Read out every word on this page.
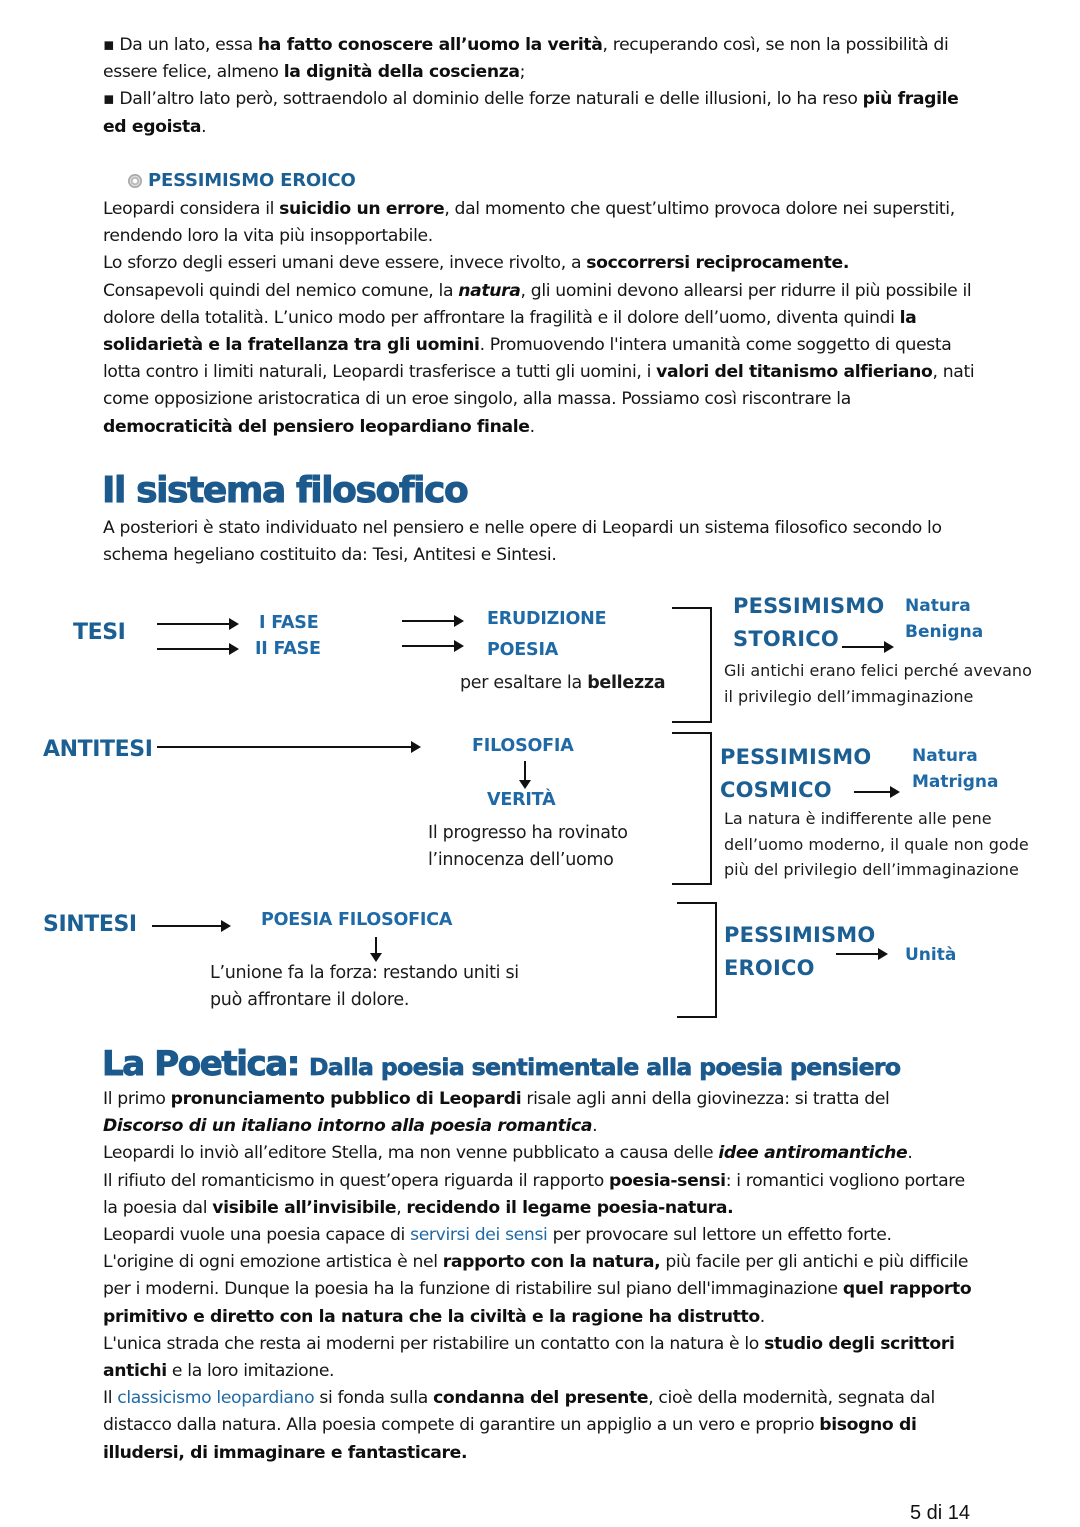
▪ Da un lato, essa ha fatto conoscere all’uomo la verità, recuperando così, se non la possibilità di essere felice, almeno la dignità della coscienza;
▪ Dall’altro lato però, sottraendolo al dominio delle forze naturali e delle illusioni, lo ha reso più fragile ed egoista.
PESSIMISMO EROICO
Leopardi considera il suicidio un errore, dal momento che quest’ultimo provoca dolore nei superstiti, rendendo loro la vita più insopportabile.
Lo sforzo degli esseri umani deve essere, invece rivolto, a soccorrersi reciprocamente.
Consapevoli quindi del nemico comune, la natura, gli uomini devono allearsi per ridurre il più possibile il dolore della totalità. L’unico modo per affrontare la fragilità e il dolore dell’uomo, diventa quindi la solidarietà e la fratellanza tra gli uomini. Promuovendo l'intera umanità come soggetto di questa lotta contro i limiti naturali, Leopardi trasferisce a tutti gli uomini, i valori del titanismo alfieriano, nati come opposizione aristocratica di un eroe singolo, alla massa. Possiamo così riscontrare la democraticità del pensiero leopardiano finale.
Il sistema filosofico
A posteriori è stato individuato nel pensiero e nelle opere di Leopardi un sistema filosofico secondo lo schema hegeliano costituito da: Tesi, Antitesi e Sintesi.
TESI	I FASE
II FASE
ERUDIZIONE
POESIA
per esaltare la bellezza
PESSIMISMO
STORICO
Natura
Benigna
Gli antichi erano felici perché avevano
il privilegio dell’immaginazione
ANTITESI	FILOSOFIA
VERITÀ
Il progresso ha rovinato
l’innocenza dell’uomo
PESSIMISMO
COSMICO
Natura
Matrigna
La natura è indifferente alle pene
dell’uomo moderno, il quale non gode
più del privilegio dell’immaginazione
SINTESI	POESIA FILOSOFICA
L’unione fa la forza: restando uniti si
può affrontare il dolore.
PESSIMISMO
EROICO
Unità
La Poetica: Dalla poesia sentimentale alla poesia pensiero
Il primo pronunciamento pubblico di Leopardi risale agli anni della giovinezza: si tratta del
Discorso di un italiano intorno alla poesia romantica.
Leopardi lo inviò all’editore Stella, ma non venne pubblicato a causa delle idee antiromantiche.
Il rifiuto del romanticismo in quest’opera riguarda il rapporto poesia-sensi: i romantici vogliono portare la poesia dal visibile all’invisibile, recidendo il legame poesia-natura.
Leopardi vuole una poesia capace di servirsi dei sensi per provocare sul lettore un effetto forte.
L'origine di ogni emozione artistica è nel rapporto con la natura, più facile per gli antichi e più difficile per i moderni. Dunque la poesia ha la funzione di ristabilire sul piano dell'immaginazione quel rapporto primitivo e diretto con la natura che la civiltà e la ragione ha distrutto.
L'unica strada che resta ai moderni per ristabilire un contatto con la natura è lo studio degli scrittori antichi e la loro imitazione.
Il classicismo leopardiano si fonda sulla condanna del presente, cioè della modernità, segnata dal distacco dalla natura. Alla poesia compete di garantire un appiglio a un vero e proprio bisogno di illudersi, di immaginare e fantasticare.
5 di 14
